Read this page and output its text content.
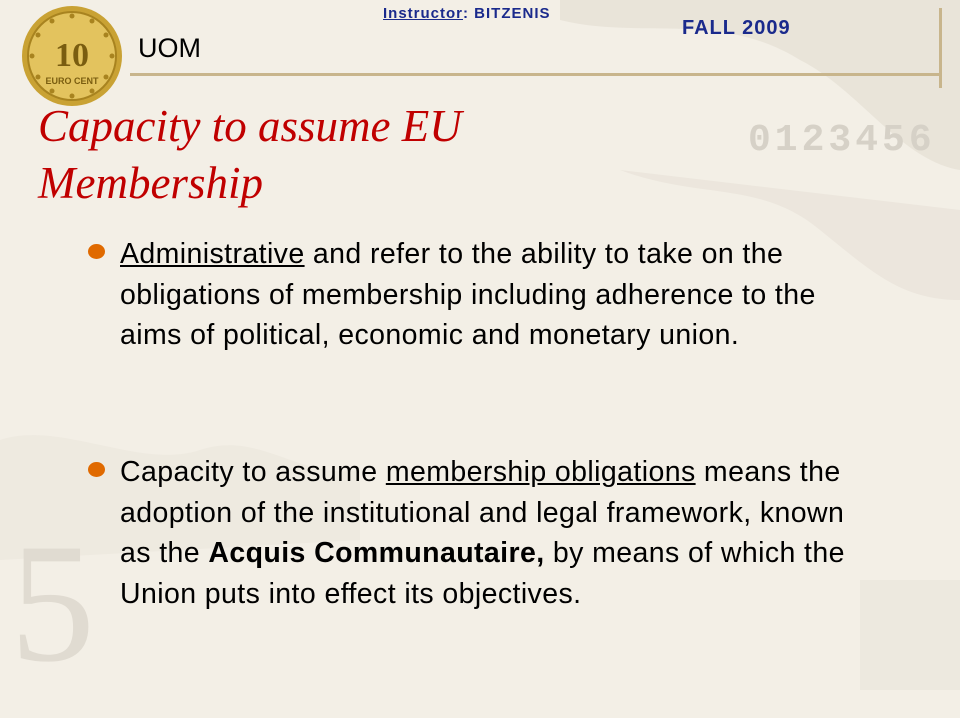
0123456
5
10
EURO CENT
UOM
Instructor: BITZENIS
FALL 2009
Capacity to assume EU
Membership
Administrative and refer to the ability to take on the obligations of membership including adherence to the aims of political, economic and monetary union.
Capacity to assume membership obligations means the adoption of the institutional and legal framework, known as the Acquis Communautaire, by means of which the Union puts into effect its objectives.
